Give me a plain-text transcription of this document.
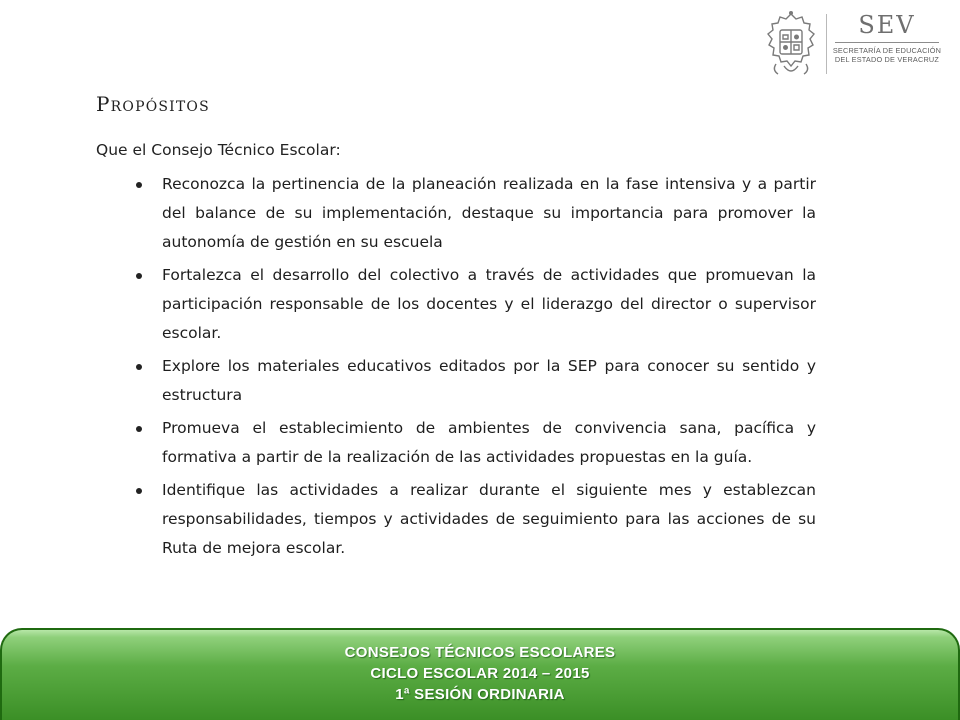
SEV
SECRETARÍA DE EDUCACIÓN
DEL ESTADO DE VERACRUZ
Propósitos
Que el Consejo Técnico Escolar:
Reconozca la pertinencia de la planeación realizada en la fase intensiva y a partir del balance de su implementación, destaque su importancia para promover la autonomía de gestión en su escuela
Fortalezca el desarrollo del colectivo a través de actividades que promuevan la participación responsable de los docentes y el liderazgo del director o supervisor escolar.
Explore los materiales educativos editados por la SEP para conocer su sentido y estructura
Promueva el establecimiento de ambientes de convivencia sana, pacífica y formativa a partir de la realización de las actividades propuestas en la guía.
Identifique las actividades a realizar durante el siguiente mes y establezcan responsabilidades, tiempos y actividades de seguimiento para las acciones de su Ruta de mejora escolar.
CONSEJOS TÉCNICOS ESCOLARES
CICLO ESCOLAR 2014 – 2015
1ª SESIÓN ORDINARIA
